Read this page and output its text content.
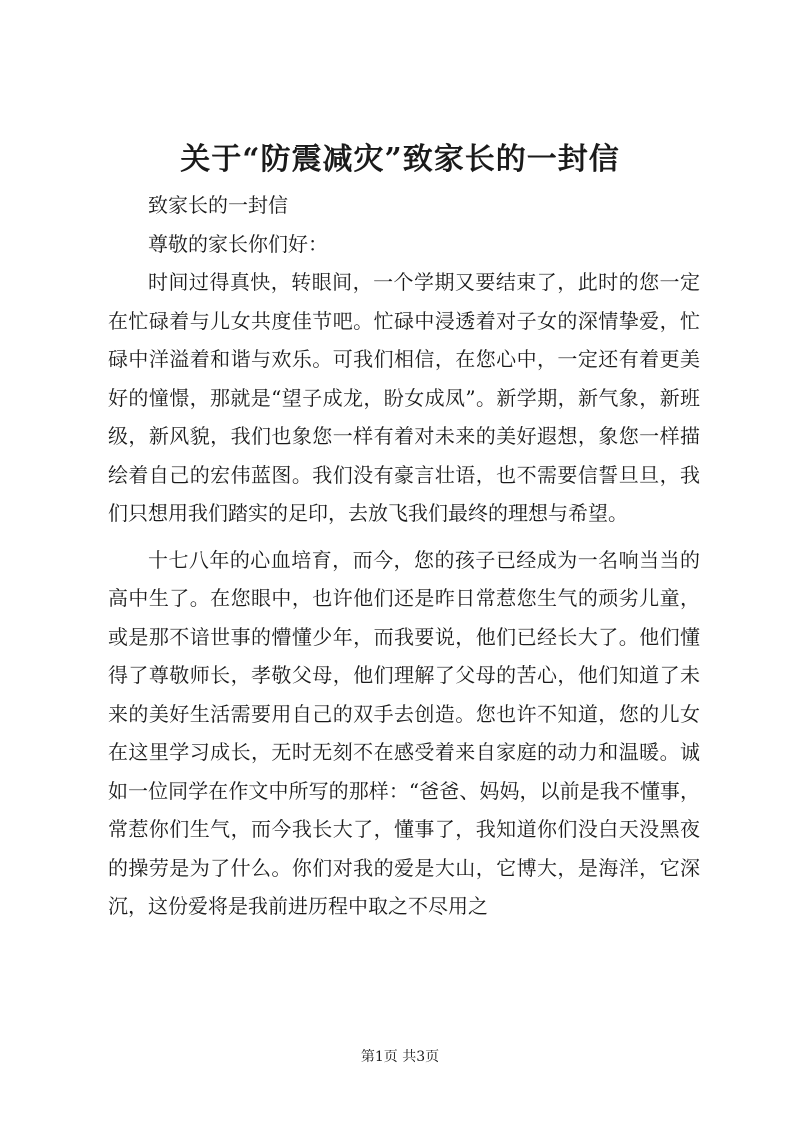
关于“防震减灾”致家长的一封信

致家长的一封信

尊敬的家长你们好：

时间过得真快，转眼间，一个学期又要结束了，此时的您一定在忙碌着与儿女共度佳节吧。忙碌中浸透着对子女的深情挚爱，忙碌中洋溢着和谐与欢乐。可我们相信，在您心中，一定还有着更美好的憧憬，那就是“望子成龙，盼女成凤”。新学期，新气象，新班级，新风貌，我们也象您一样有着对未来的美好遐想，象您一样描绘着自己的宏伟蓝图。我们没有豪言壮语，也不需要信誓旦旦，我们只想用我们踏实的足印，去放飞我们最终的理想与希望。

十七八年的心血培育，而今，您的孩子已经成为一名响当当的高中生了。在您眼中，也许他们还是昨日常惹您生气的顽劣儿童，或是那不谙世事的懵懂少年，而我要说，他们已经长大了。他们懂得了尊敬师长，孝敬父母，他们理解了父母的苦心，他们知道了未来的美好生活需要用自己的双手去创造。您也许不知道，您的儿女在这里学习成长，无时无刻不在感受着来自家庭的动力和温暖。诚如一位同学在作文中所写的那样：“爸爸、妈妈，以前是我不懂事，常惹你们生气，而今我长大了，懂事了，我知道你们没白天没黑夜的操劳是为了什么。你们对我的爱是大山，它博大，是海洋，它深沉，这份爱将是我前进历程中取之不尽用之

第1页 共3页
